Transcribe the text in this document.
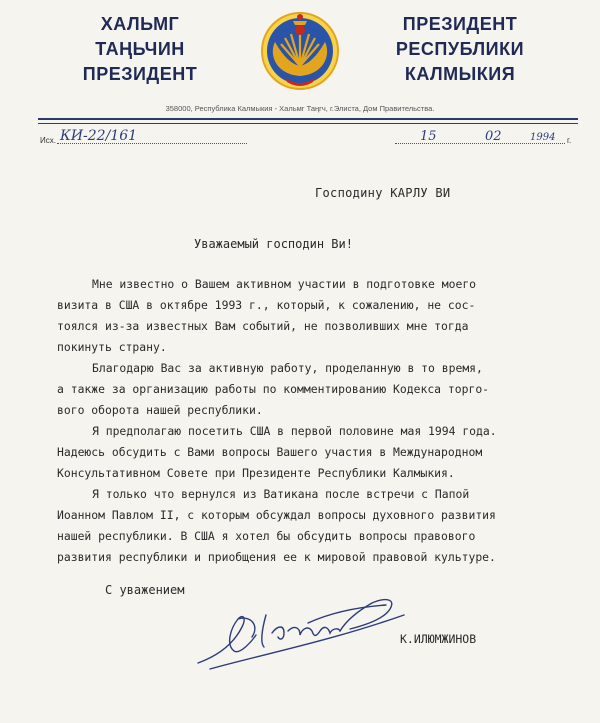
ХАЛЬМГ
ТАҢЬЧИН
ПРЕЗИДЕНТ
ПРЕЗИДЕНТ
РЕСПУБЛИКИ
КАЛМЫКИЯ
358000, Республика Калмыкия - Хальмг Таңгч, г.Элиста, Дом Правительства.
Исх. КИ-22/161	15	02	1994 г.
Господину КАРЛУ ВИ
Уважаемый господин Ви!
Мне известно о Вашем активном участии в подготовке моего
визита в США в октябре 1993 г., который, к сожалению, не сос-
тоялся из-за известных Вам событий, не позволивших мне тогда
покинуть страну.
Благодарю Вас за активную работу, проделанную в то время,
а также за организацию работы по комментированию Кодекса торго-
вого оборота нашей республики.
Я предполагаю посетить США в первой половине мая 1994 года.
Надеюсь обсудить с Вами вопросы Вашего участия в Международном
Консультативном Совете при Президенте Республики Калмыкия.
Я только что вернулся из Ватикана после встречи с Папой
Иоанном Павлом II, с которым обсуждал вопросы духовного развития
нашей республики. В США я хотел бы обсудить вопросы правового
развития республики и приобщения ее к мировой правовой культуре.
С уважением
К.ИЛЮМЖИНОВ
